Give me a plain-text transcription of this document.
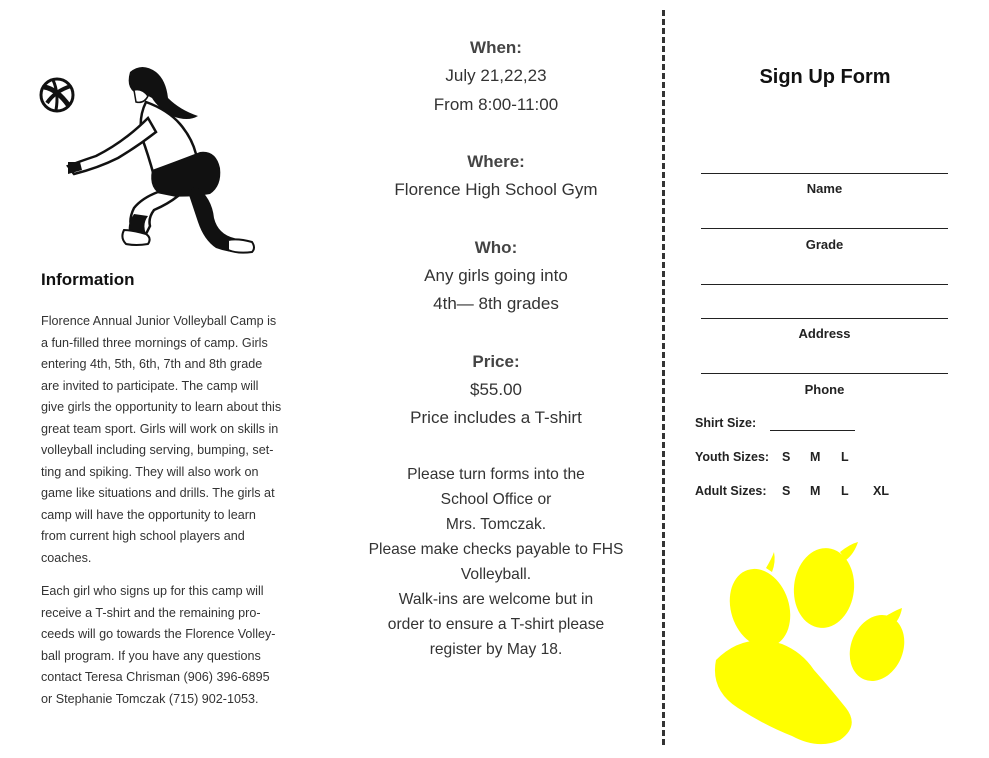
Information
Florence Annual Junior Volleyball Camp is
a fun-filled three mornings of camp. Girls
entering 4th, 5th, 6th, 7th and 8th grade
are invited to participate. The camp will
give girls the opportunity to learn about this
great team sport. Girls will work on skills in
volleyball including serving, bumping, set-
ting and spiking. They will also work on
game like situations and drills. The girls at
camp will have the opportunity to learn
from current high school players and
coaches.
Each girl who signs up for this camp will
receive a T-shirt and the remaining pro-
ceeds will go towards the Florence Volley-
ball program. If you have any questions
contact Teresa Chrisman (906) 396-6895
or Stephanie Tomczak (715) 902-1053.
When:
July 21,22,23
From 8:00-11:00
Where:
Florence High School Gym
Who:
Any girls going into
4th— 8th grades
Price:
$55.00
Price includes a T-shirt
Please turn forms into the
School Office or
Mrs. Tomczak.
Please make checks payable to FHS
Volleyball.
Walk-ins are welcome but in
order to ensure a T-shirt please
register by May 18.
Sign Up Form
Name
Grade
Address
Phone
Shirt Size:
Youth Sizes: S M L
Adult Sizes: S M L XL
